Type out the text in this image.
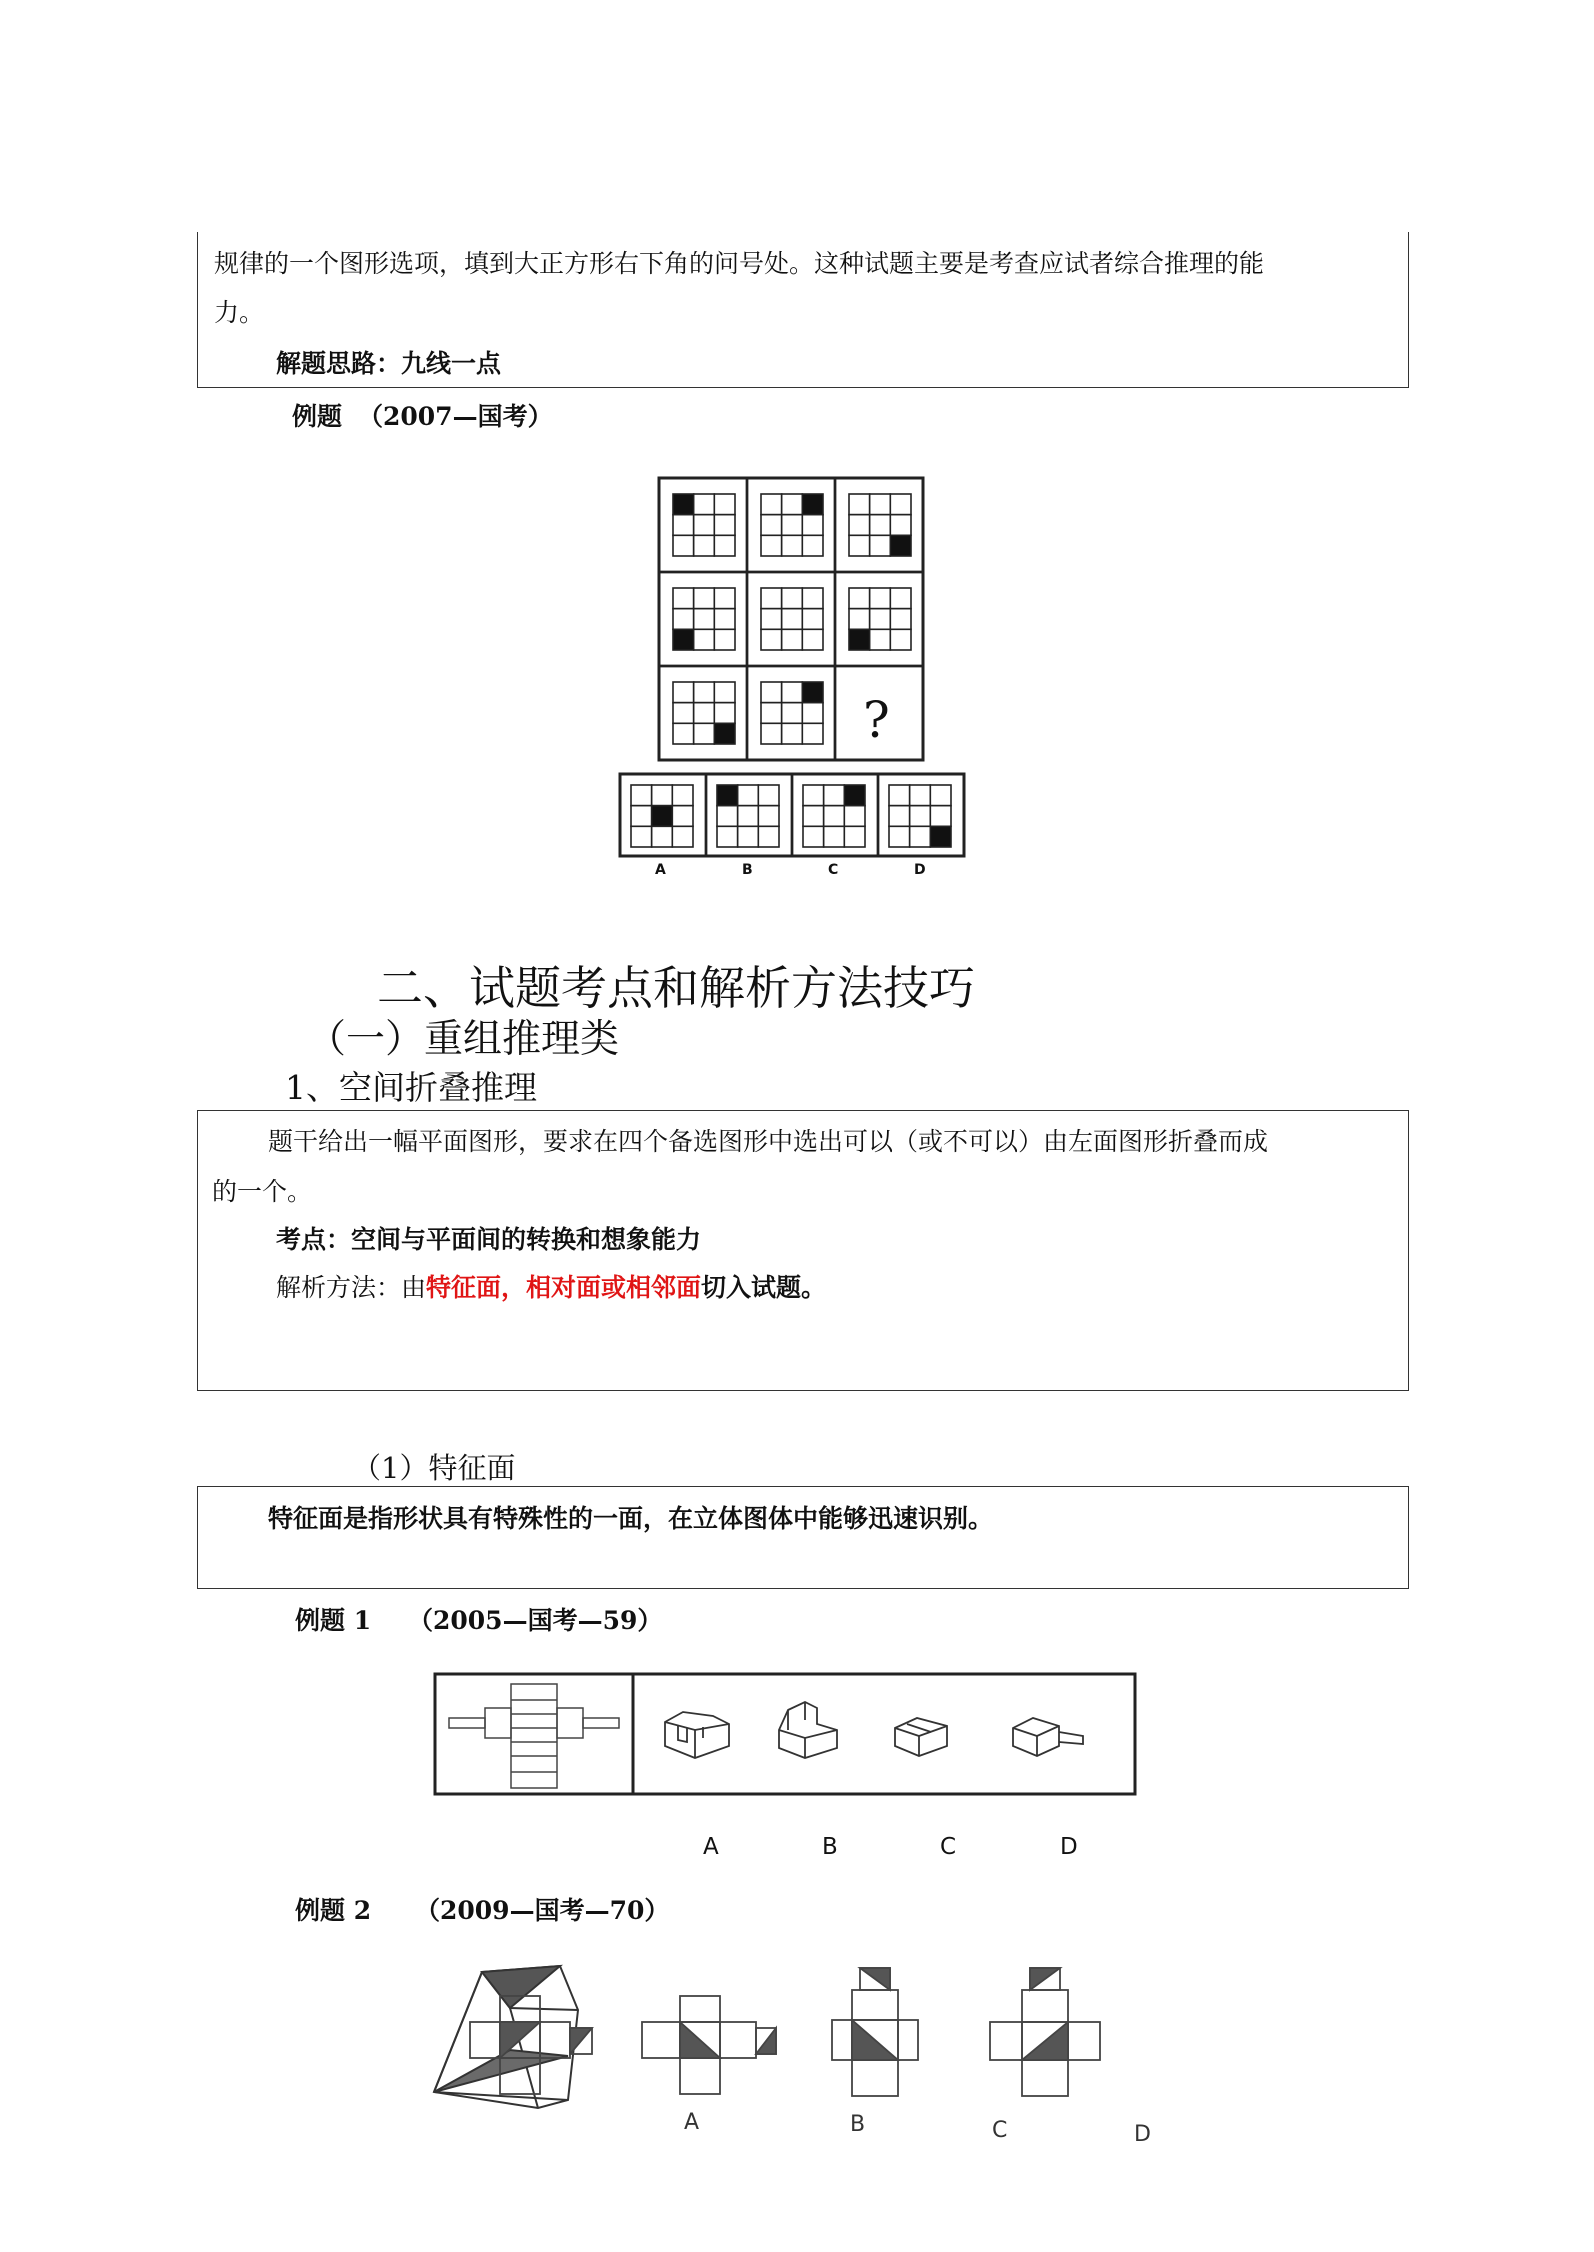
规律的一个图形选项，填到大正方形右下角的问号处。这种试题主要是考查应试者综合推理的能
力。
解题思路：九线一点
例题 （2007—国考）
?
A	B	C	D
二、试题考点和解析方法技巧
（一）重组推理类
1、空间折叠推理
题干给出一幅平面图形，要求在四个备选图形中选出可以（或不可以）由左面图形折叠而成
的一个。
考点：空间与平面间的转换和想象能力
解析方法：由特征面，相对面或相邻面切入试题。
（1）特征面
特征面是指形状具有特殊性的一面，在立体图体中能够迅速识别。
例题 1 （2005—国考—59）
A	B	C	D
例题 2 （2009—国考—70）
A	B	C	D
